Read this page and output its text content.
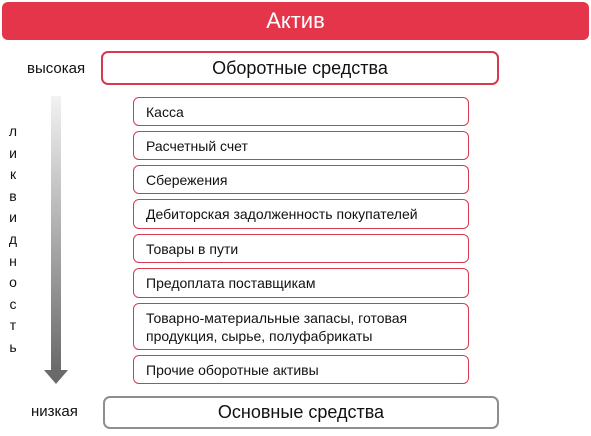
Актив
высокая
низкая
Оборотные средства
л
и
к
в
и
д
н
о
с
т
ь
Касса
Расчетный счет
Сбережения
Дебиторская задолженность покупателей
Товары в пути
Предоплата поставщикам
Товарно-материальные запасы, готовая продукция, сырье, полуфабрикаты
Прочие оборотные активы
Основные средства
